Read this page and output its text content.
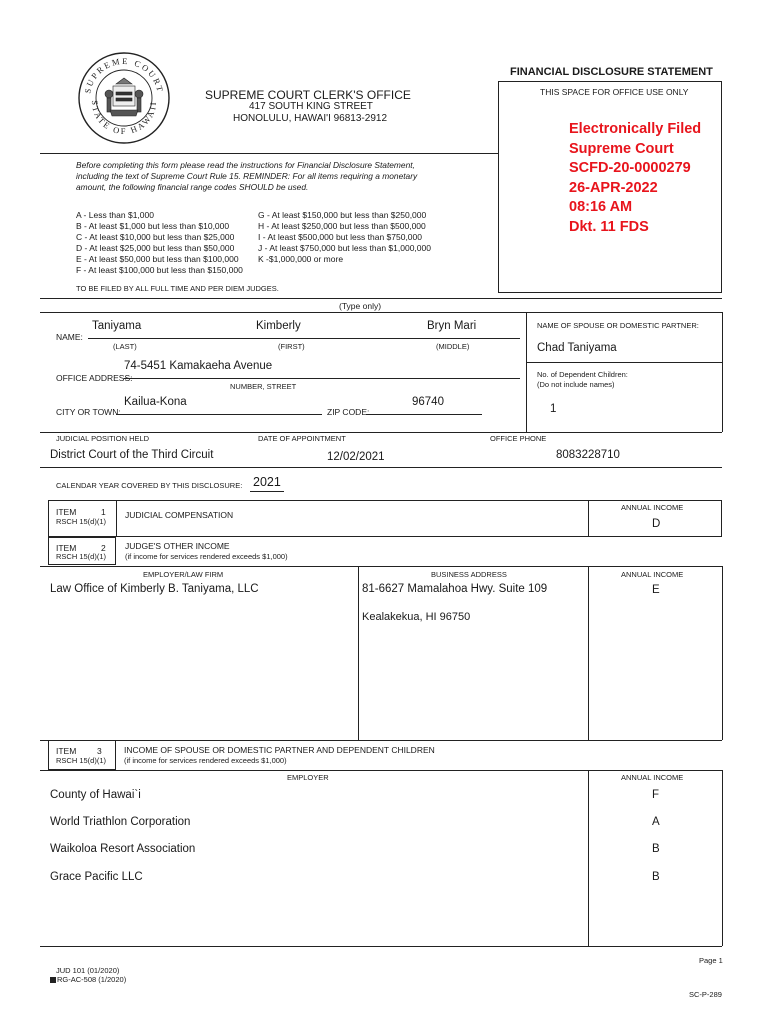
SUPREME COURT
STATE OF HAWAII
FINANCIAL DISCLOSURE STATEMENT
SUPREME COURT CLERK'S OFFICE
417 SOUTH KING STREET
HONOLULU, HAWAI'I 96813-2912
THIS SPACE FOR OFFICE USE ONLY
Electronically Filed
Supreme Court
SCFD-20-0000279
26-APR-2022
08:16 AM
Dkt. 11 FDS
Before completing this form please read the instructions for Financial Disclosure Statement,
including the text of Supreme Court Rule 15. REMINDER: For all items requiring a monetary
amount, the following financial range codes SHOULD be used.
A - Less than $1,000
B - At least $1,000 but less than $10,000
C - At least $10,000 but less than $25,000
D - At least $25,000 but less than $50,000
E - At least $50,000 but less than $100,000
F - At least $100,000 but less than $150,000
G - At least $150,000 but less than $250,000
H - At least $250,000 but less than $500,000
I - At least $500,000 but less than $750,000
J - At least $750,000 but less than $1,000,000
K -$1,000,000 or more
TO BE FILED BY ALL FULL TIME AND PER DIEM JUDGES.
(Type only)
NAME:
Taniyama	Kimberly	Bryn Mari
(LAST)	(FIRST)	(MIDDLE)
NAME OF SPOUSE OR DOMESTIC PARTNER:
Chad Taniyama
No. of Dependent Children:
(Do not include names)
1
OFFICE ADDRESS:
74-5451 Kamakaeha Avenue
NUMBER, STREET
CITY OR TOWN:
Kailua-Kona
ZIP CODE:
96740
JUDICIAL POSITION HELD	DATE OF APPOINTMENT	OFFICE PHONE
District Court of the Third Circuit	12/02/2021	8083228710
CALENDAR YEAR COVERED BY THIS DISCLOSURE: 2021
ITEM	1
RSCH 15(d)(1)
JUDICIAL COMPENSATION
ANNUAL INCOME
D
ITEM	2
RSCH 15(d)(1)
JUDGE'S OTHER INCOME
(if income for services rendered exceeds $1,000)
EMPLOYER/LAW FIRM	BUSINESS ADDRESS	ANNUAL INCOME
Law Office of Kimberly B. Taniyama, LLC	81-6627 Mamalahoa Hwy. Suite 109
Kealakekua, HI 96750
E
ITEM 3
RSCH 15(d)(1)
INCOME OF SPOUSE OR DOMESTIC PARTNER AND DEPENDENT CHILDREN
(if income for services rendered exceeds $1,000)
EMPLOYER	ANNUAL INCOME
County of Hawai`i	F
World Triathlon Corporation	A
Waikoloa Resort Association	B
Grace Pacific LLC	B
Page 1
JUD 101 (01/2020)
RG-AC-508 (1/2020)
SC-P-289
